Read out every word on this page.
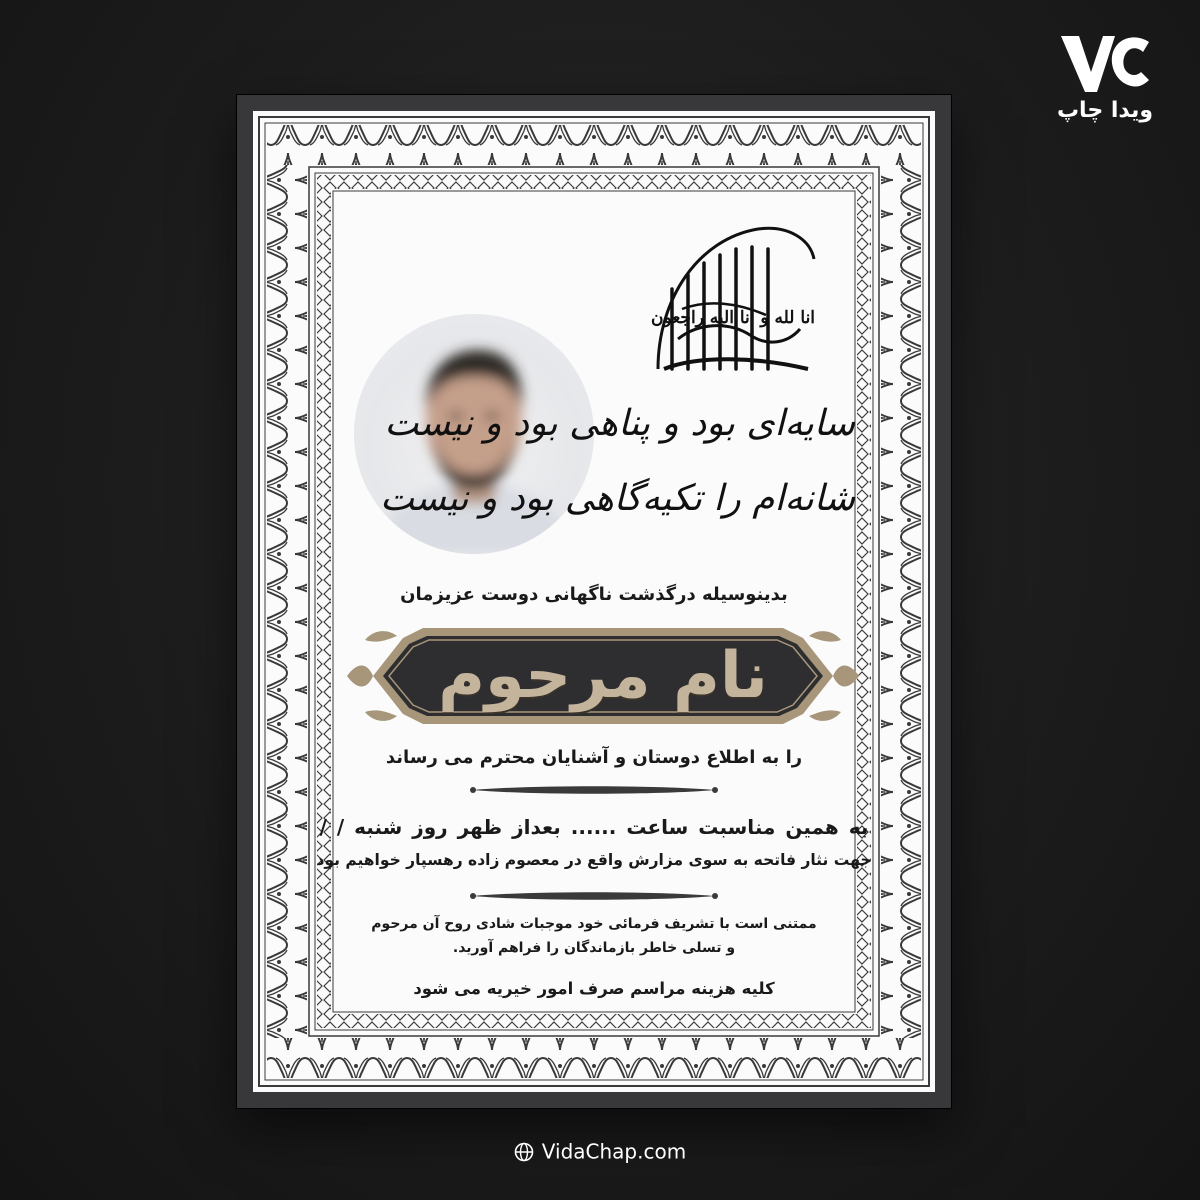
ویدا چاپ
انا لله و انا الیه راجعون
سایه‌ای بود و پناهی بود و نیست
شانه‌ام را تکیه‌گاهی بود و نیست
بدینوسیله درگذشت ناگهانی دوست عزیزمان
نام مرحوم
را به اطلاع دوستان و آشنایان محترم می رساند
به همین مناسبت ساعت ...... بعداز ظهر روز شنبه / /
جهت نثار فاتحه به سوی مزارش واقع در معصوم زاده رهسپار خواهیم بود
ممتنی است با تشریف فرمائی خود موجبات شادی روح آن مرحوم
و تسلی خاطر بازماندگان را فراهم آورید.
کلیه هزینه مراسم صرف امور خیریه می شود
VidaChap.com
